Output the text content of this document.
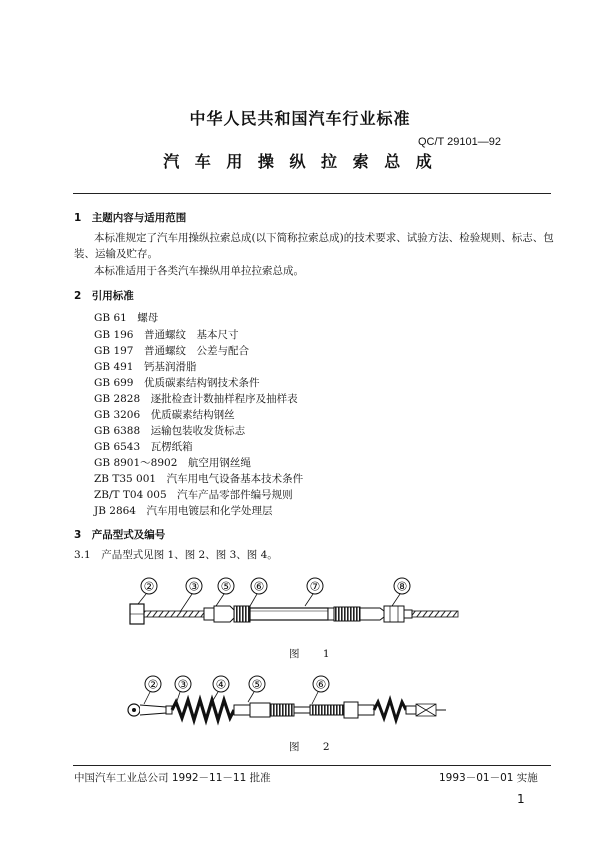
中华人民共和国汽车行业标准
QC/T 29101—92
汽 车 用 操 纵 拉 索 总 成
1　主题内容与适用范围
本标准规定了汽车用操纵拉索总成(以下简称拉索总成)的技术要求、试验方法、检验规则、标志、包
装、运输及贮存。
本标准适用于各类汽车操纵用单拉拉索总成。
2　引用标准
GB 61　螺母
GB 196　普通螺纹　基本尺寸
GB 197　普通螺纹　公差与配合
GB 491　钙基润滑脂
GB 699　优质碳素结构钢技术条件
GB 2828　逐批检查计数抽样程序及抽样表
GB 3206　优质碳素结构钢丝
GB 6388　运输包装收发货标志
GB 6543　瓦楞纸箱
GB 8901～8902　航空用钢丝绳
ZB T35 001　汽车用电气设备基本技术条件
ZB/T T04 005　汽车产品零部件编号规则
JB 2864　汽车用电镀层和化学处理层
3　产品型式及编号
3.1　产品型式见图 1、图 2、图 3、图 4。
②	③ ⑤ ⑥	⑦	⑧
图 1
② ③ ④ ⑤	⑥
图 2
中国汽车工业总公司 1992－11－11 批准	1993－01－01 实施
1
